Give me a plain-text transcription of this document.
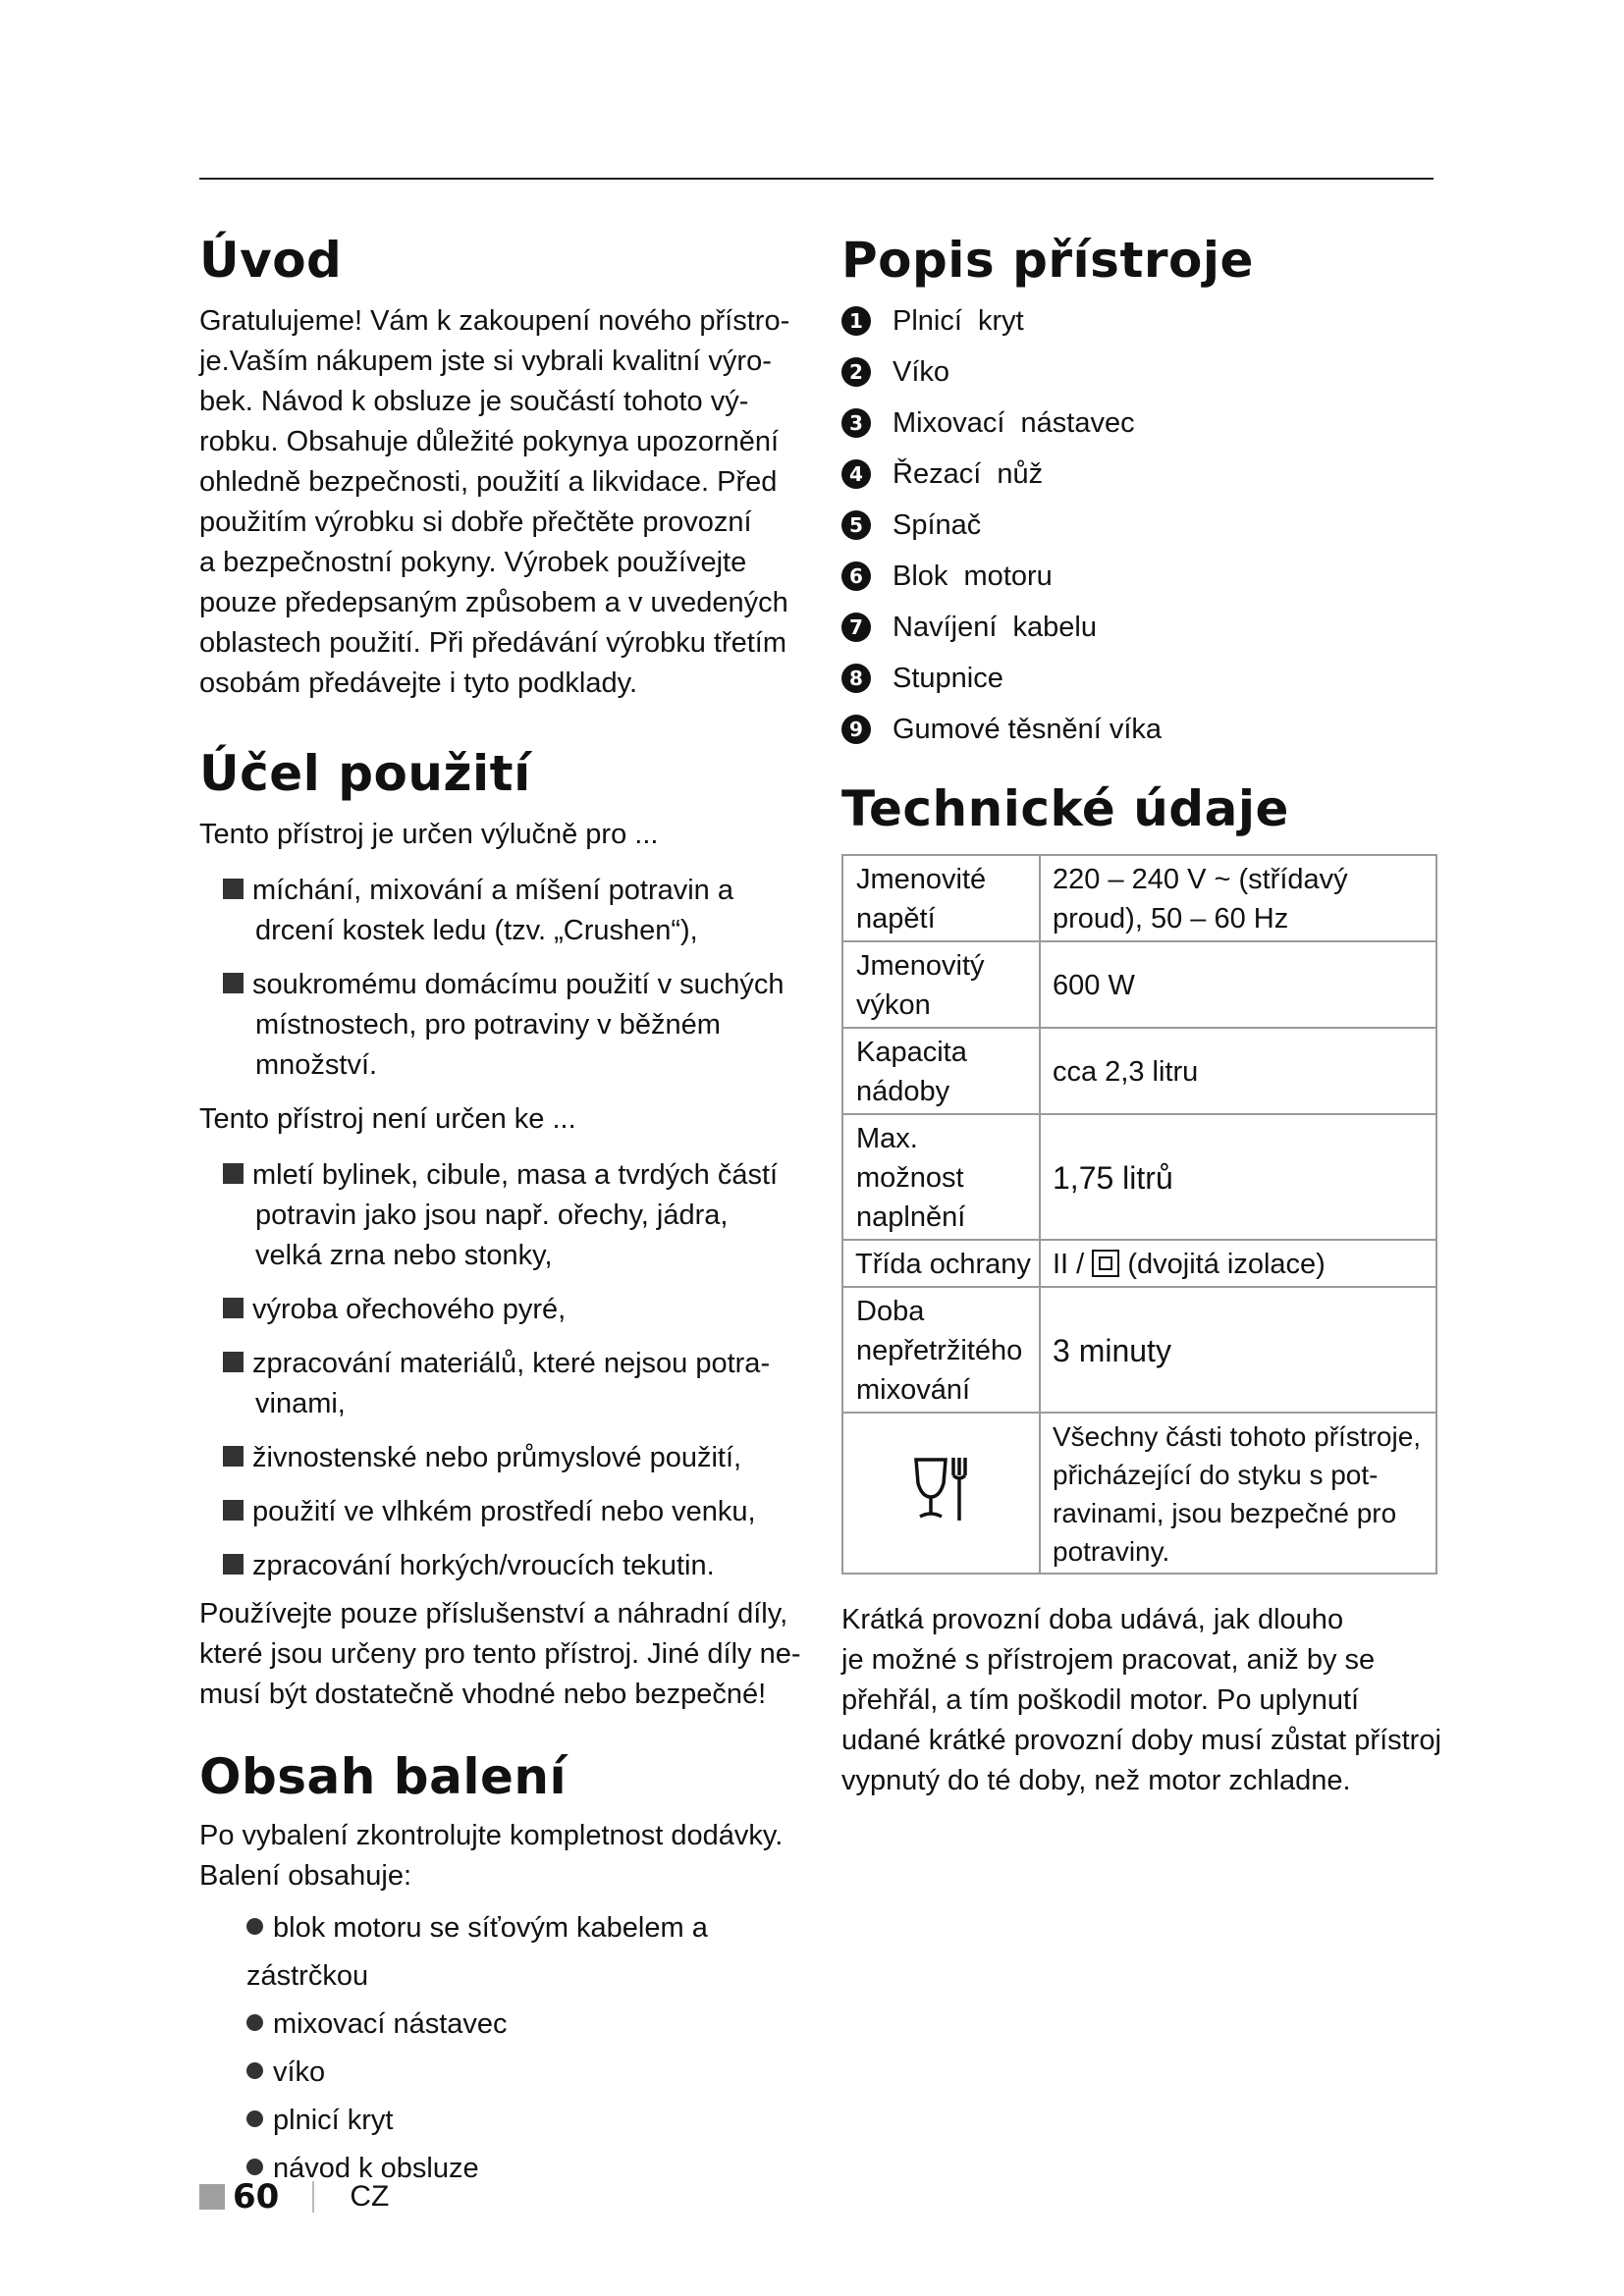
Úvod

Gratulujeme! Vám k zakoupení nového přístro-
je.Vaším nákupem jste si vybrali kvalitní výro-
bek. Návod k obsluze je součástí tohoto vý-
robku. Obsahuje důležité pokynya upozornění
ohledně bezpečnosti, použití a likvidace. Před
použitím výrobku si dobře přečtěte provozní
a bezpečnostní pokyny. Výrobek používejte
pouze předepsaným způsobem a v uvedených
oblastech použití. Při předávání výrobku třetím
osobám předávejte i tyto podklady.

Účel použití

Tento přístroj je určen výlučně pro ...

míchání, mixování a míšení potravin a
drcení kostek ledu (tzv. „Crushen“),
soukromému domácímu použití v suchých
místnostech, pro potraviny v běžném
množství.

Tento přístroj není určen ke ...

mletí bylinek, cibule, masa a tvrdých částí
potravin jako jsou např. ořechy, jádra,
velká zrna nebo stonky,
výroba ořechového pyré,
zpracování materiálů, které nejsou potra-
vinami,
živnostenské nebo průmyslové použití,
použití ve vlhkém prostředí nebo venku,
zpracování horkých/vroucích tekutin.

Používejte pouze příslušenství a náhradní díly,
které jsou určeny pro tento přístroj. Jiné díly ne-
musí být dostatečně vhodné nebo bezpečné!

Obsah balení

Po vybalení zkontrolujte kompletnost dodávky.
Balení obsahuje:

blok motoru se síťovým kabelem a zástrčkou
mixovací nástavec
víko
plnicí kryt
návod k obsluze
Popis přístroje
1 Plnicí  kryt
2 Víko
3 Mixovací  nástavec
4 Řezací  nůž
5 Spínač
6 Blok  motoru
7 Navíjení  kabelu
8 Stupnice
9 Gumové těsnění víka
Technické údaje
Jmenovité
napětí	220 – 240 V ~ (střídavý
proud), 50 – 60 Hz
Jmenovitý
výkon	600 W
Kapacita
nádoby	cca 2,3 litru
Max.
možnost
naplnění	1,75 litrů
Třída ochrany	II /  (dvojitá izolace)
Doba
nepřetržitého
mixování	3 minuty
	Všechny části tohoto přístroje,
přicházející do styku s pot-
ravinami, jsou bezpečné pro
potraviny.

Krátká provozní doba udává, jak dlouho
je možné s přístrojem pracovat, aniž by se
přehřál, a tím poškodil motor. Po uplynutí
udané krátké provozní doby musí zůstat přístroj
vypnutý do té doby, než motor zchladne.

60 CZ
